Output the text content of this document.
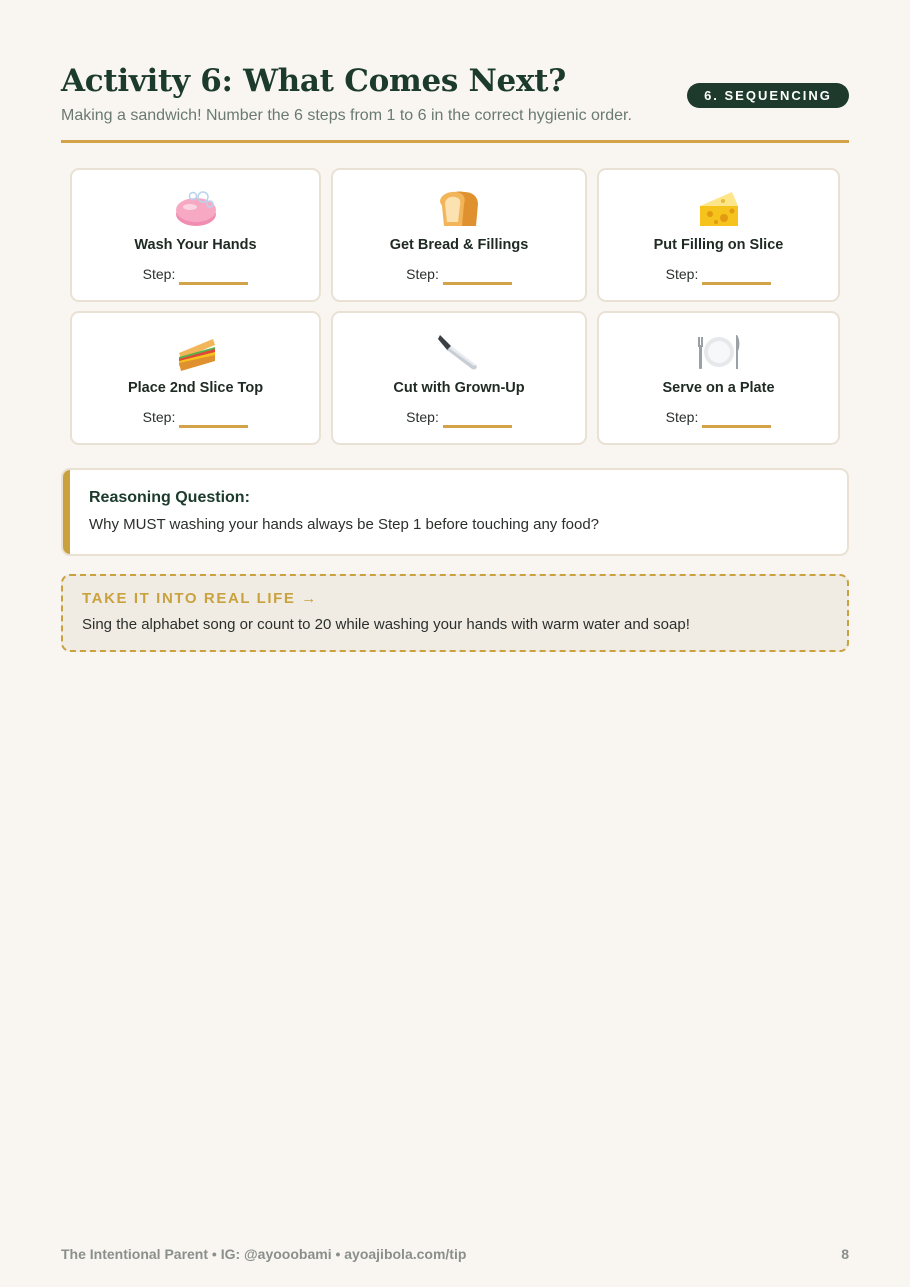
Activity 6: What Comes Next?
Making a sandwich! Number the 6 steps from 1 to 6 in the correct hygienic order.
6. SEQUENCING
Wash Your Hands
Step:
Get Bread & Fillings
Step:
Put Filling on Slice
Step:
Place 2nd Slice Top
Step:
Cut with Grown-Up
Step:
Serve on a Plate
Step:
Reasoning Question:
Why MUST washing your hands always be Step 1 before touching any food?
TAKE IT INTO REAL LIFE →
Sing the alphabet song or count to 20 while washing your hands with warm water and soap!
The Intentional Parent • IG: @ayooobami • ayoajibola.com/tip	8
